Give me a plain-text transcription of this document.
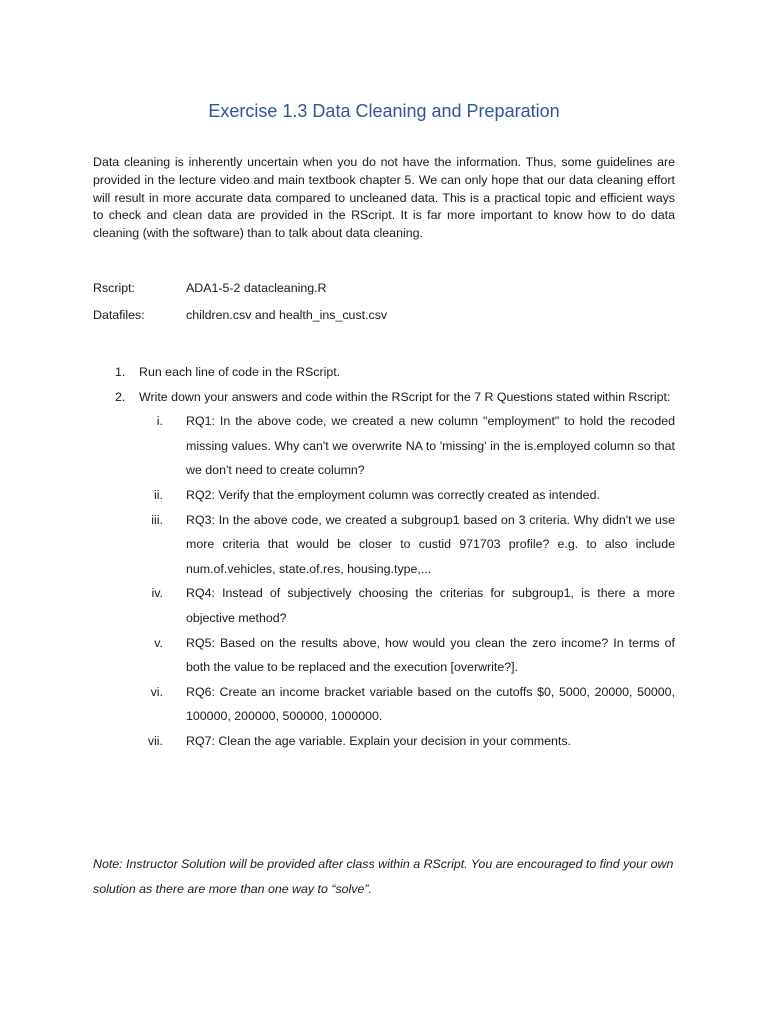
Exercise 1.3 Data Cleaning and Preparation

Data cleaning is inherently uncertain when you do not have the information. Thus, some guidelines are provided in the lecture video and main textbook chapter 5. We can only hope that our data cleaning effort will result in more accurate data compared to uncleaned data. This is a practical topic and efficient ways to check and clean data are provided in the RScript. It is far more important to know how to do data cleaning (with the software) than to talk about data cleaning.

Rscript:	ADA1-5-2 datacleaning.R
Datafiles:	children.csv and health_ins_cust.csv
1. Run each line of code in the RScript.
2. Write down your answers and code within the RScript for the 7 R Questions stated within Rscript:
i. RQ1: In the above code, we created a new column "employment" to hold the recoded missing values. Why can't we overwrite NA to 'missing' in the is.employed column so that we don't need to create column?
ii. RQ2: Verify that the employment column was correctly created as intended.
iii. RQ3: In the above code, we created a subgroup1 based on 3 criteria. Why didn't we use more criteria that would be closer to custid 971703 profile? e.g. to also include num.of.vehicles, state.of.res, housing.type,...
iv. RQ4: Instead of subjectively choosing the criterias for subgroup1, is there a more objective method?
v. RQ5: Based on the results above, how would you clean the zero income? In terms of both the value to be replaced and the execution [overwrite?].
vi. RQ6: Create an income bracket variable based on the cutoffs $0, 5000, 20000, 50000, 100000, 200000, 500000, 1000000.
vii. RQ7: Clean the age variable. Explain your decision in your comments.

Note: Instructor Solution will be provided after class within a RScript. You are encouraged to find your own solution as there are more than one way to “solve”.
